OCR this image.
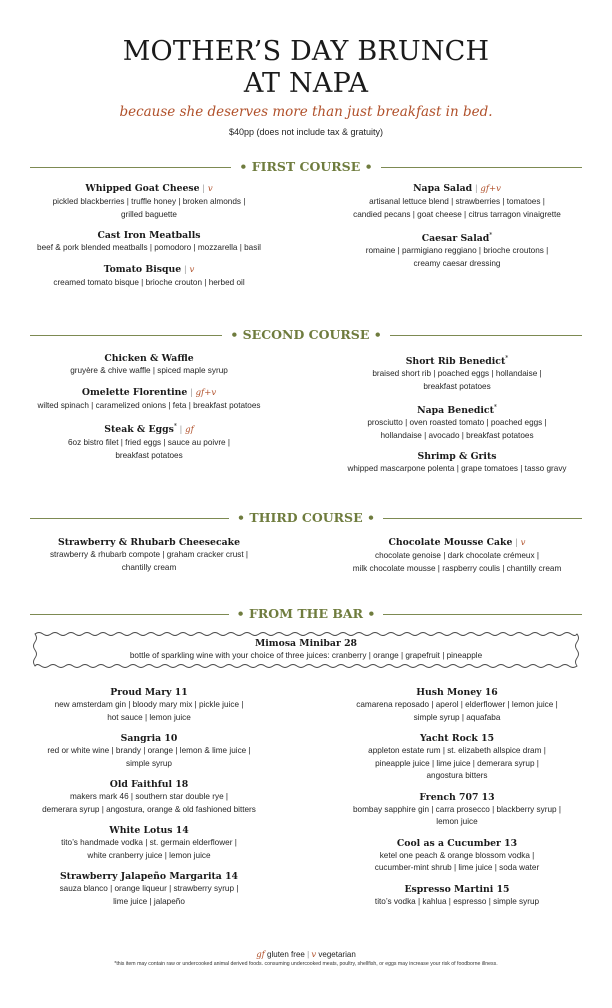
MOTHER’S DAY BRUNCH
AT NAPA
because she deserves more than just breakfast in bed.
$40pp (does not include tax & gratuity)
• FIRST COURSE •
Whipped Goat Cheese | v
pickled blackberries | truffle honey | broken almonds |
grilled baguette
Cast Iron Meatballs
beef & pork blended meatballs | pomodoro | mozzarella | basil
Tomato Bisque | v
creamed tomato bisque | brioche crouton | herbed oil
Napa Salad | gf+v
artisanal lettuce blend | strawberries | tomatoes |
candied pecans | goat cheese | citrus tarragon vinaigrette
Caesar Salad*
romaine | parmigiano reggiano | brioche croutons |
creamy caesar dressing
• SECOND COURSE •
Chicken & Waffle
gruyère & chive waffle | spiced maple syrup
Omelette Florentine | gf+v
wilted spinach | caramelized onions | feta | breakfast potatoes
Steak & Eggs* | gf
6oz bistro filet | fried eggs | sauce au poivre |
breakfast potatoes
Short Rib Benedict*
braised short rib | poached eggs | hollandaise |
breakfast potatoes
Napa Benedict*
prosciutto | oven roasted tomato | poached eggs |
hollandaise | avocado | breakfast potatoes
Shrimp & Grits
whipped mascarpone polenta | grape tomatoes | tasso gravy
• THIRD COURSE •
Strawberry & Rhubarb Cheesecake
strawberry & rhubarb compote | graham cracker crust |
chantilly cream
Chocolate Mousse Cake | v
chocolate genoise | dark chocolate crémeux |
milk chocolate mousse | raspberry coulis | chantilly cream
• FROM THE BAR •
Mimosa Minibar 28
bottle of sparkling wine with your choice of three juices: cranberry | orange | grapefruit | pineapple
Proud Mary 11
new amsterdam gin | bloody mary mix | pickle juice |
hot sauce | lemon juice
Sangria 10
red or white wine | brandy | orange | lemon & lime juice |
simple syrup
Old Faithful 18
makers mark 46 | southern star double rye |
demerara syrup | angostura, orange & old fashioned bitters
White Lotus 14
tito’s handmade vodka | st. germain elderflower |
white cranberry juice | lemon juice
Strawberry Jalapeño Margarita 14
sauza blanco | orange liqueur | strawberry syrup |
lime juice | jalapeño
Hush Money 16
camarena reposado | aperol | elderflower | lemon juice |
simple syrup | aquafaba
Yacht Rock 15
appleton estate rum | st. elizabeth allspice dram |
pineapple juice | lime juice | demerara syrup |
angostura bitters
French 707 13
bombay sapphire gin | carra prosecco | blackberry syrup |
lemon juice
Cool as a Cucumber 13
ketel one peach & orange blossom vodka |
cucumber-mint shrub | lime juice | soda water
Espresso Martini 15
tito’s vodka | kahlua | espresso | simple syrup
gf gluten free | v vegetarian
*this item may contain raw or undercooked animal derived foods. consuming undercooked meats, poultry, shellfish, or eggs may increase your risk of foodborne illness.
